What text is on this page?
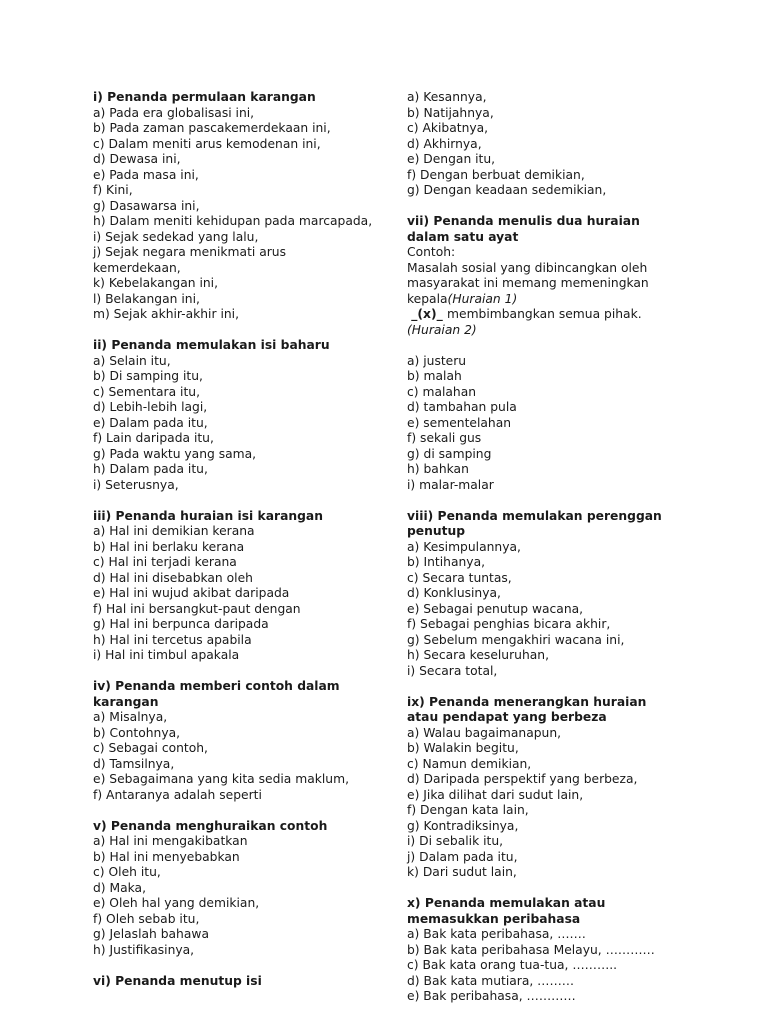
i) Penanda permulaan karangan
a) Pada era globalisasi ini,
b) Pada zaman pascakemerdekaan ini,
c) Dalam meniti arus kemodenan ini,
d) Dewasa ini,
e) Pada masa ini,
f) Kini,
g) Dasawarsa ini,
h) Dalam meniti kehidupan pada marcapada,
i) Sejak sedekad yang lalu,
j) Sejak negara menikmati arus kemerdekaan,
k) Kebelakangan ini,
l) Belakangan ini,
m) Sejak akhir-akhir ini,
ii) Penanda memulakan isi baharu
a) Selain itu,
b) Di samping itu,
c) Sementara itu,
d) Lebih-lebih lagi,
e) Dalam pada itu,
f) Lain daripada itu,
g) Pada waktu yang sama,
h) Dalam pada itu,
i) Seterusnya,
iii) Penanda huraian isi karangan
a) Hal ini demikian kerana
b) Hal ini berlaku kerana
c) Hal ini terjadi kerana
d) Hal ini disebabkan oleh
e) Hal ini wujud akibat daripada
f) Hal ini bersangkut-paut dengan
g) Hal ini berpunca daripada
h) Hal ini tercetus apabila
i) Hal ini timbul apakala
iv) Penanda memberi contoh dalam karangan
a) Misalnya,
b) Contohnya,
c) Sebagai contoh,
d) Tamsilnya,
e) Sebagaimana yang kita sedia maklum,
f) Antaranya adalah seperti
v) Penanda menghuraikan contoh
a) Hal ini mengakibatkan
b) Hal ini menyebabkan
c) Oleh itu,
d) Maka,
e) Oleh hal yang demikian,
f) Oleh sebab itu,
g) Jelaslah bahawa
h) Justifikasinya,
vi) Penanda menutup isi
a) Kesannya,
b) Natijahnya,
c) Akibatnya,
d) Akhirnya,
e) Dengan itu,
f) Dengan berbuat demikian,
g) Dengan keadaan sedemikian,
vii) Penanda menulis dua huraian dalam satu ayat
Contoh:
Masalah sosial yang dibincangkan oleh masyarakat ini memang memeningkan kepala(Huraian 1) _(x)_ membimbangkan semua pihak. (Huraian 2)
a) justeru
b) malah
c) malahan
d) tambahan pula
e) sementelahan
f) sekali gus
g) di samping
h) bahkan
i) malar-malar
viii) Penanda memulakan perenggan penutup
a) Kesimpulannya,
b) Intihanya,
c) Secara tuntas,
d) Konklusinya,
e) Sebagai penutup wacana,
f) Sebagai penghias bicara akhir,
g) Sebelum mengakhiri wacana ini,
h) Secara keseluruhan,
i) Secara total,
ix) Penanda menerangkan huraian atau pendapat yang berbeza
a) Walau bagaimanapun,
b) Walakin begitu,
c) Namun demikian,
d) Daripada perspektif yang berbeza,
e) Jika dilihat dari sudut lain,
f) Dengan kata lain,
g) Kontradiksinya,
i) Di sebalik itu,
j) Dalam pada itu,
k) Dari sudut lain,
x) Penanda memulakan atau memasukkan peribahasa
a) Bak kata peribahasa, …….
b) Bak kata peribahasa Melayu, …………
c) Bak kata orang tua-tua, ………..
d) Bak kata mutiara, ………
e) Bak peribahasa, …………
